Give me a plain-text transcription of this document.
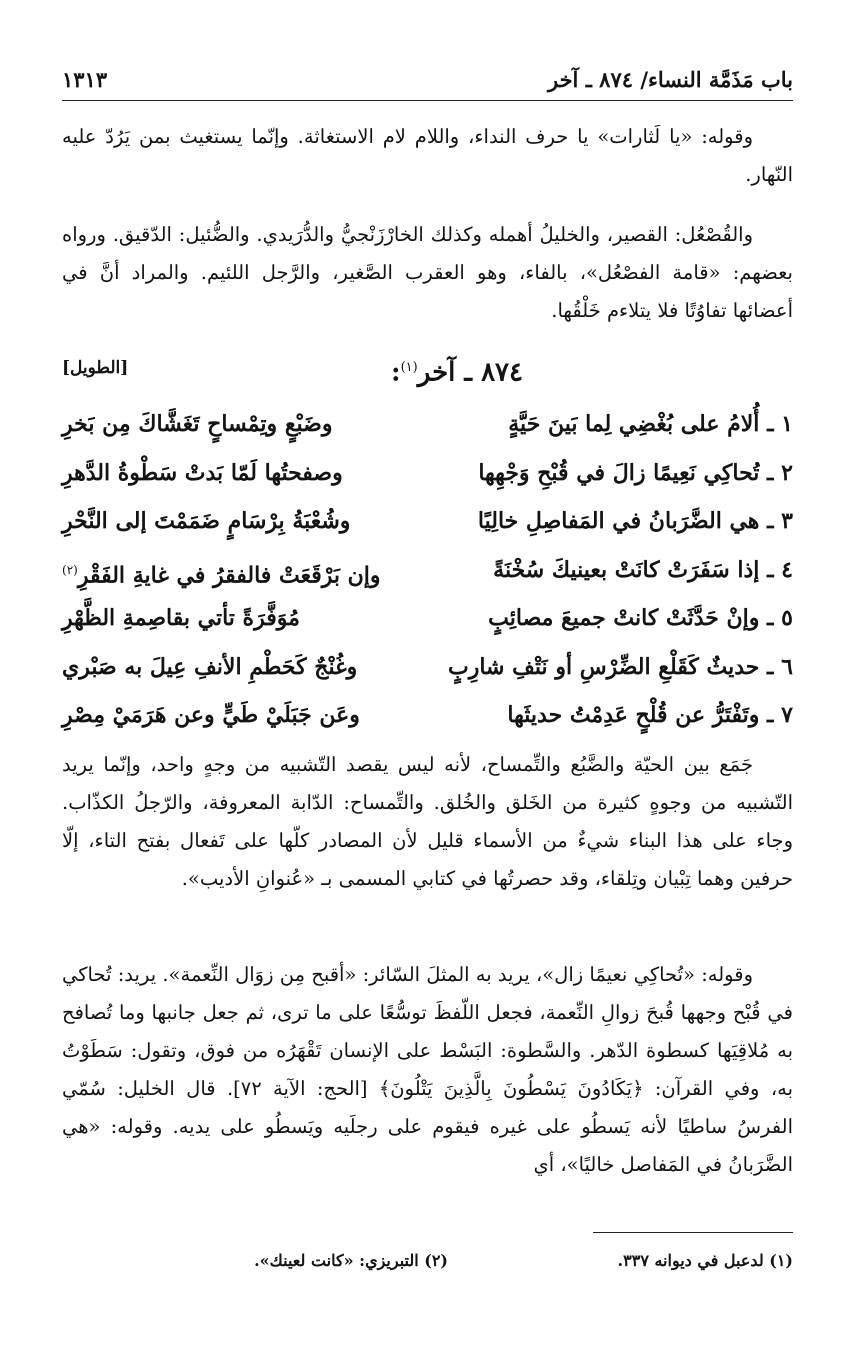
باب مَذَمَّة النساء/ ٨٧٤ ـ آخر
١٣١٣
وقوله: «يا لَثارات» يا حرف النداء، واللام لام الاستغاثة. وإنّما يستغيث بمن يَرُدّ عليه النّهار.
والقُصْعُل: القصير، والخليلُ أهمله وكذلك الخارْزَنْجيُّ والدُّرَيدي. والضُّئيل: الدّقيق. ورواه بعضهم: «قامة الفصْعُل»، بالفاء، وهو العقرب الصَّغير، والرَّجل اللئيم. والمراد أنَّ في أعضائها تفاوُتًا فلا يتلاءم خَلْقُها.
٨٧٤ ـ آخر$^{(١)}$:
[الطويل]
١ ـ أُلامُ على بُغْضِي لِما بَينَ حَيَّةٍ
وضَبْعٍ وتِمْساحٍ تَغَشَّاكَ مِن بَخرِ
٢ ـ تُحاكِي نَعِيمًا زالَ في قُبْحِ وَجْهِها
وصفحتُها لَمّا بَدتْ سَطْوةُ الدَّهرِ
٣ ـ هي الضَّرَبانُ في المَفاصِلِ خالِيًا
وشُعْبَةُ بِرْسَامٍ ضَمَمْتَ إلى النَّحْرِ
٤ ـ إذا سَفَرَتْ كانَتْ بعينيكَ سُخْنَةً
وإن بَرْقَعَتْ فالفقرُ في غايةِ الفَقْرِ$^{(٢)}$
٥ ـ وإنْ حَدَّثَتْ كانتْ جميعَ مصائِبٍ
مُوَفَّرَةً تأتي بقاصِمةِ الظَّهْرِ
٦ ـ حديثٌ كَقَلْعِ الضِّرْسِ أو نَتْفِ شارِبٍ
وغُنْجٌ كَحَطْمِ الأنفِ عِيلَ به صَبْري
٧ ـ وتَفْتَرُّ عن قُلْحٍ عَدِمْتُ حديثَها
وعَن جَبَلَيْ طَيٍّ وعن هَرَمَيْ مِصْرِ
جَمَع بين الحيّة والضَّبُع والتِّمساح، لأنه ليس يقصد التّشبيه من وجهٍ واحد، وإنّما يريد التّشبيه من وجوهٍ كثيرة من الخَلق والخُلق. والتِّمساح: الدّابة المعروفة، والرّجلُ الكذّاب. وجاء على هذا البناء شيءٌ من الأسماء قليل لأن المصادر كلّها على تَفعال بفتح التاء، إلّا حرفين وهما تِبْيان وتِلقاء، وقد حصرتُها في كتابي المسمى بـ «عُنوانِ الأديب».
وقوله: «تُحاكِي نعيمًا زال»، يريد به المثلَ السّائر: «أقبح مِن زوَال النِّعمة». يريد: تُحاكي في قُبْح وجهها قُبحَ زوالِ النِّعمة، فجعل اللّفظَ توسُّعًا على ما ترى، ثم جعل جانبها وما تُصافح به مُلاقِيَها كسطوة الدّهر. والسَّطوة: البَسْط على الإنسان تَقْهَرُه من فوق، وتقول: سَطَوْتُ به، وفي القرآن: ﴿يَكَادُونَ يَسْطُونَ بِالَّذِينَ يَتْلُونَ﴾ [الحج: الآية ٧٢]. قال الخليل: سُمّي الفرسُ ساطيًا لأنه يَسطُو على غيره فيقوم على رجلَيه ويَسطُو على يديه. وقوله: «هي الضَّرَبانُ في المَفاصل خاليًا»، أي
(١) لدعبل في ديوانه ٣٣٧.
(٢) التبريزي: «كانت لعينك».
